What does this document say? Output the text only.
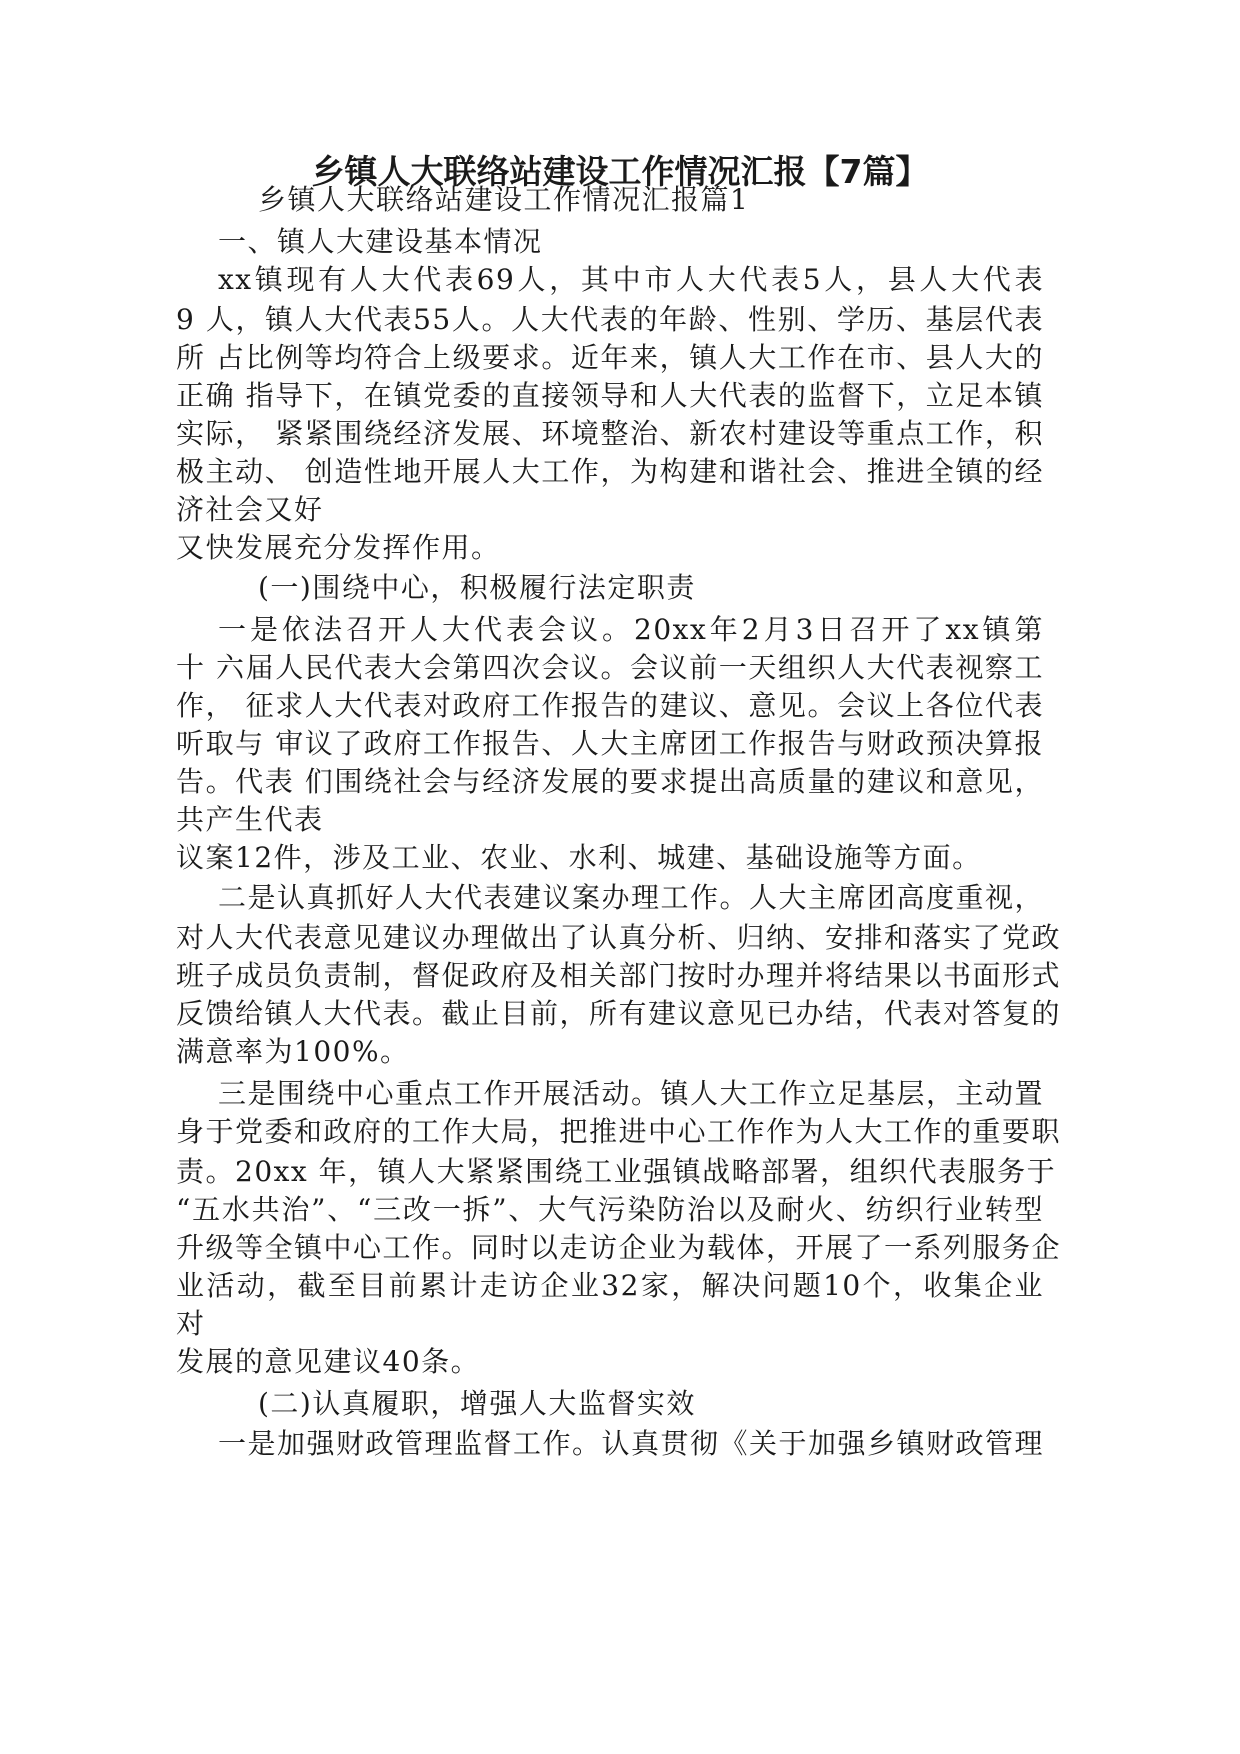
乡镇人大联络站建设工作情况汇报【7篇】
乡镇人大联络站建设工作情况汇报篇1
一、镇人大建设基本情况
xx镇现有人大代表69人，其中市人大代表5人，县人大代表
9 人，镇人大代表55人。人大代表的年龄、性别、学历、基层代表
所 占比例等均符合上级要求。近年来，镇人大工作在市、县人大的
正确 指导下，在镇党委的直接领导和人大代表的监督下，立足本镇
实际， 紧紧围绕经济发展、环境整治、新农村建设等重点工作，积
极主动、 创造性地开展人大工作，为构建和谐社会、推进全镇的经
济社会又好
又快发展充分发挥作用。
(一)围绕中心，积极履行法定职责
一是依法召开人大代表会议。20xx年2月3日召开了xx镇第
十 六届人民代表大会第四次会议。会议前一天组织人大代表视察工
作， 征求人大代表对政府工作报告的建议、意见。会议上各位代表
听取与 审议了政府工作报告、人大主席团工作报告与财政预决算报
告。代表 们围绕社会与经济发展的要求提出高质量的建议和意见，
共产生代表
议案12件，涉及工业、农业、水利、城建、基础设施等方面。
二是认真抓好人大代表建议案办理工作。人大主席团高度重视，
对人大代表意见建议办理做出了认真分析、归纳、安排和落实了党政
班子成员负责制，督促政府及相关部门按时办理并将结果以书面形式
反馈给镇人大代表。截止目前，所有建议意见已办结，代表对答复的
满意率为100%。
三是围绕中心重点工作开展活动。镇人大工作立足基层，主动置
身于党委和政府的工作大局，把推进中心工作作为人大工作的重要职
责。20xx 年，镇人大紧紧围绕工业强镇战略部署，组织代表服务于
“五水共治”、“三改一拆”、大气污染防治以及耐火、纺织行业转型
升级等全镇中心工作。同时以走访企业为载体，开展了一系列服务企
业活动，截至目前累计走访企业32家，解决问题10个，收集企业
对
发展的意见建议40条。
(二)认真履职，增强人大监督实效
一是加强财政管理监督工作。认真贯彻《关于加强乡镇财政管理
